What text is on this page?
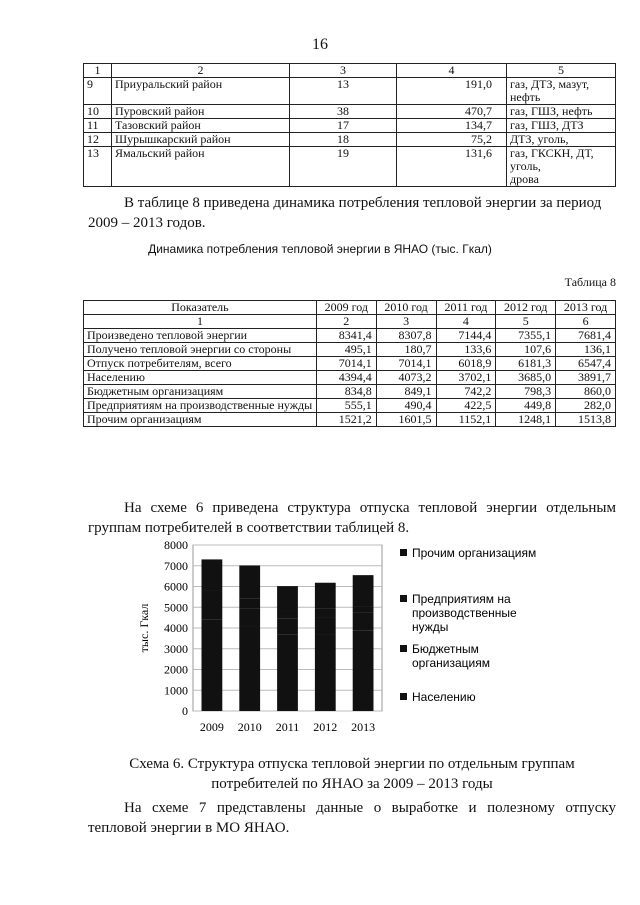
16
1	2	3	4	5
9	Приуральский район	13	191,0	газ, ДТЗ, мазут, нефть
10	Пуровский район	38	470,7	газ, ГШЗ, нефть
11	Тазовский район	17	134,7	газ, ГШЗ, ДТЗ
12	Шурышкарский район	18	75,2	ДТЗ, уголь,
13	Ямальский район	19	131,6	газ, ГКСКН, ДТ, уголь,
дрова
В таблице 8 приведена динамика потребления тепловой энергии за период
2009 – 2013 годов.
Динамика потребления тепловой энергии в ЯНАО (тыс. Гкал)
Таблица 8
Показатель	2009 год	2010 год	2011 год	2012 год	2013 год
1	2	3	4	5	6
Произведено тепловой энергии	8341,4	8307,8	7144,4	7355,1	7681,4
Получено тепловой энергии со стороны	495,1	180,7	133,6	107,6	136,1
Отпуск потребителям, всего	7014,1	7014,1	6018,9	6181,3	6547,4
Населению	4394,4	4073,2	3702,1	3685,0	3891,7
Бюджетным организациям	834,8	849,1	742,2	798,3	860,0
Предприятиям на производственные нужды	555,1	490,4	422,5	449,8	282,0
Прочим организациям	1521,2	1601,5	1152,1	1248,1	1513,8
На схеме 6 приведена структура отпуска тепловой энергии отдельным группам потребителей в соответствии таблицей 8.
0
1000
2000
3000
4000
5000
6000
7000
8000
тыс. Гкал
2009 2010 2011 2012 2013
Прочим организациям
Предприятиям на
производственные
нужды
Бюджетным
организациям
Населению
Схема 6. Структура отпуска тепловой энергии по отдельным группам
потребителей по ЯНАО за 2009 – 2013 годы
На схеме 7 представлены данные о выработке и полезному отпуску тепловой энергии в МО ЯНАО.
